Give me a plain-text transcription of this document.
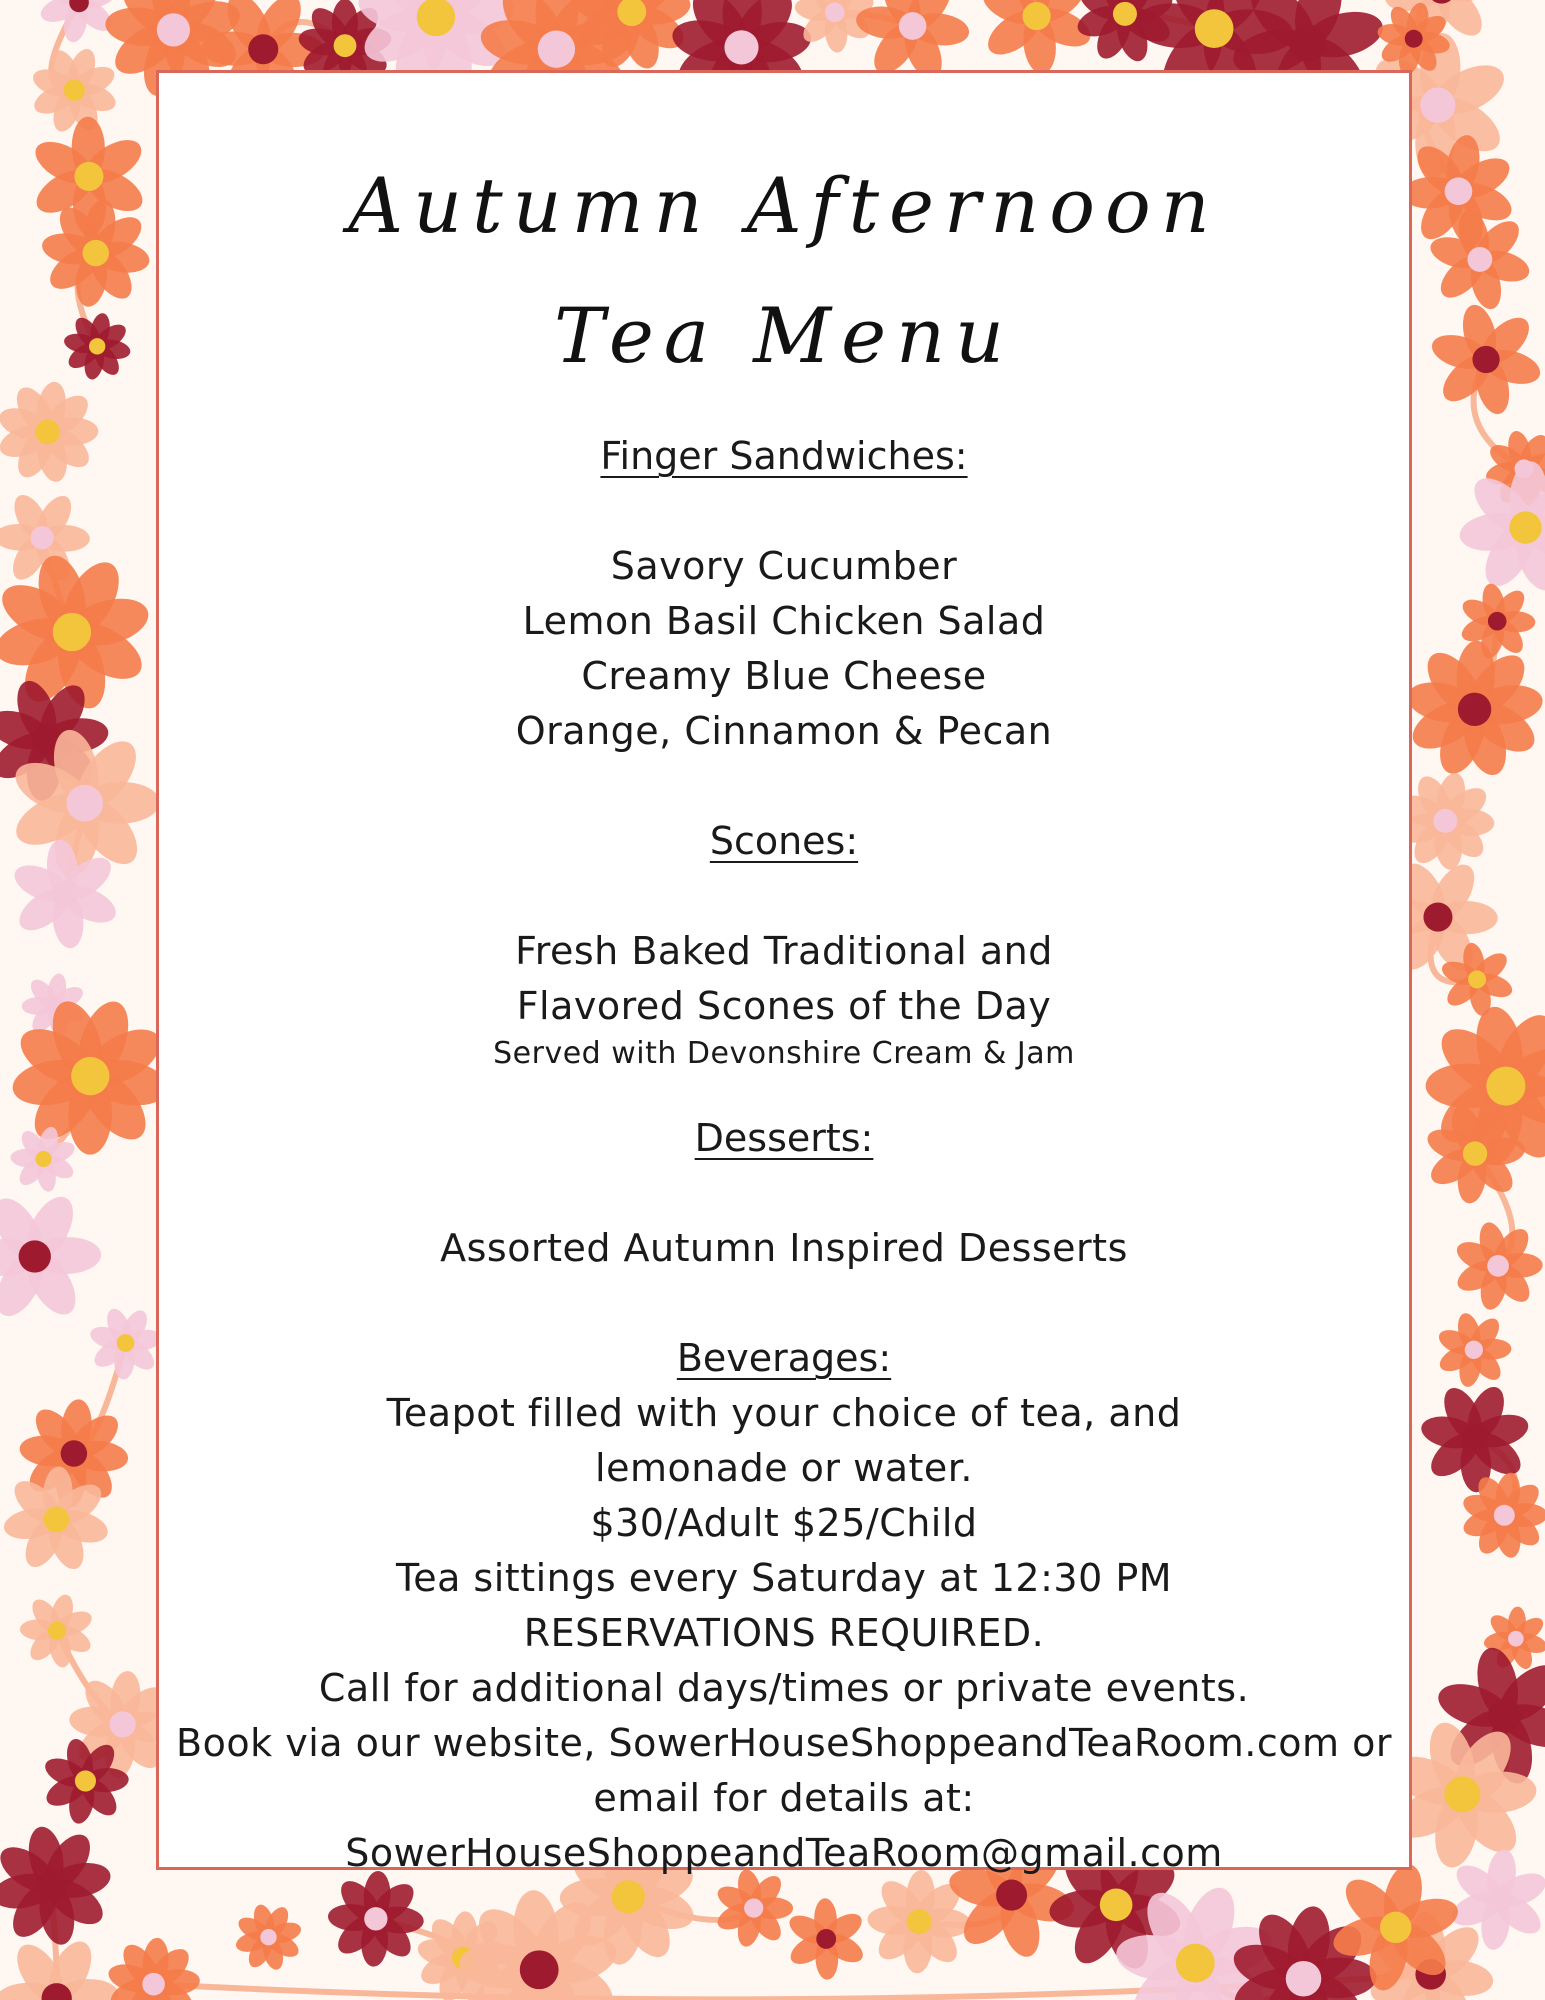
Autumn Afternoon
Tea Menu
Finger Sandwiches:
Savory Cucumber
Lemon Basil Chicken Salad
Creamy Blue Cheese
Orange, Cinnamon & Pecan
Scones:
Fresh Baked Traditional and
Flavored Scones of the Day
Served with Devonshire Cream & Jam
Desserts:
Assorted Autumn Inspired Desserts
Beverages:
Teapot filled with your choice of tea, and
lemonade or water.
$30/Adult $25/Child
Tea sittings every Saturday at 12:30 PM
RESERVATIONS REQUIRED.
Call for additional days/times or private events.
Book via our website, SowerHouseShoppeandTeaRoom.com or
email for details at:
SowerHouseShoppeandTeaRoom@gmail.com
